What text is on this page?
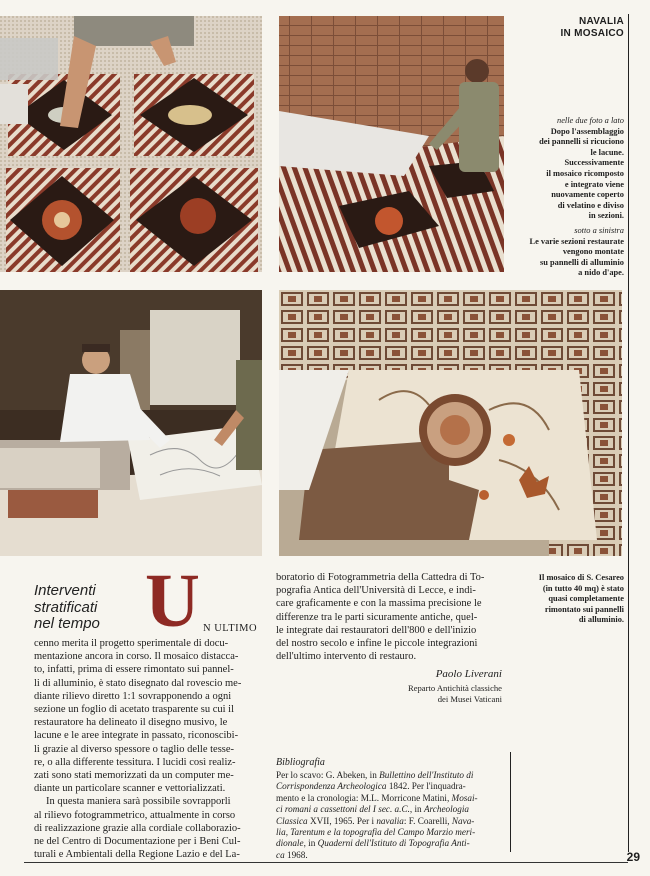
NAVALIA
IN MOSAICO
nelle due foto a lato
Dopo l'assemblaggio
dei pannelli si ricuciono
le lacune.
Successivamente
il mosaico ricomposto
e integrato viene
nuovamente coperto
di velatino e diviso
in sezioni.
sotto a sinistra
Le varie sezioni restaurate
vengono montate
su pannelli di alluminio
a nido d'ape.
Il mosaico di S. Cesareo
(in tutto 40 mq) è stato
quasi completamente
rimontato sui pannelli
di alluminio.
Interventi
stratificati
nel tempo U N ULTIMO
cenno merita il progetto sperimentale di docu-
mentazione ancora in corso. Il mosaico distacca-
to, infatti, prima di essere rimontato sui pannel-
li di alluminio, è stato disegnato dal rovescio me-
diante rilievo diretto 1:1 sovrapponendo a ogni
sezione un foglio di acetato trasparente su cui il
restauratore ha delineato il disegno musivo, le
lacune e le aree integrate in passato, riconoscibi-
li grazie al diverso spessore o taglio delle tesse-
re, o alla differente tessitura. I lucidi così realiz-
zati sono stati memorizzati da un computer me-
diante un particolare scanner e vettorializzati.
In questa maniera sarà possibile sovrapporli
al rilievo fotogrammetrico, attualmente in corso
di realizzazione grazie alla cordiale collaborazio-
ne del Centro di Documentazione per i Beni Cul-
turali e Ambientali della Regione Lazio e del La-
boratorio di Fotogrammetria della Cattedra di To-
pografia Antica dell'Università di Lecce, e indi-
care graficamente e con la massima precisione le
differenze tra le parti sicuramente antiche, quel-
le integrate dai restauratori dell'800 e dell'inizio
del nostro secolo e infine le piccole integrazioni
dell'ultimo intervento di restauro.
Paolo Liverani
Reparto Antichità classiche
dei Musei Vaticani
Bibliografia
Per lo scavo: G. Abeken, in Bullettino dell'Instituto di
Corrispondenza Archeologica 1842. Per l'inquadra-
mento e la cronologia: M.L. Morricone Matini, Mosai-
ci romani a cassettoni del I sec. a.C., in Archeologia
Classica XVII, 1965. Per i navalia: F. Coarelli, Nava-
lia, Tarentum e la topografia del Campo Marzio meri-
dionale, in Quaderni dell'Istituto di Topografia Anti-
ca 1968.	29
